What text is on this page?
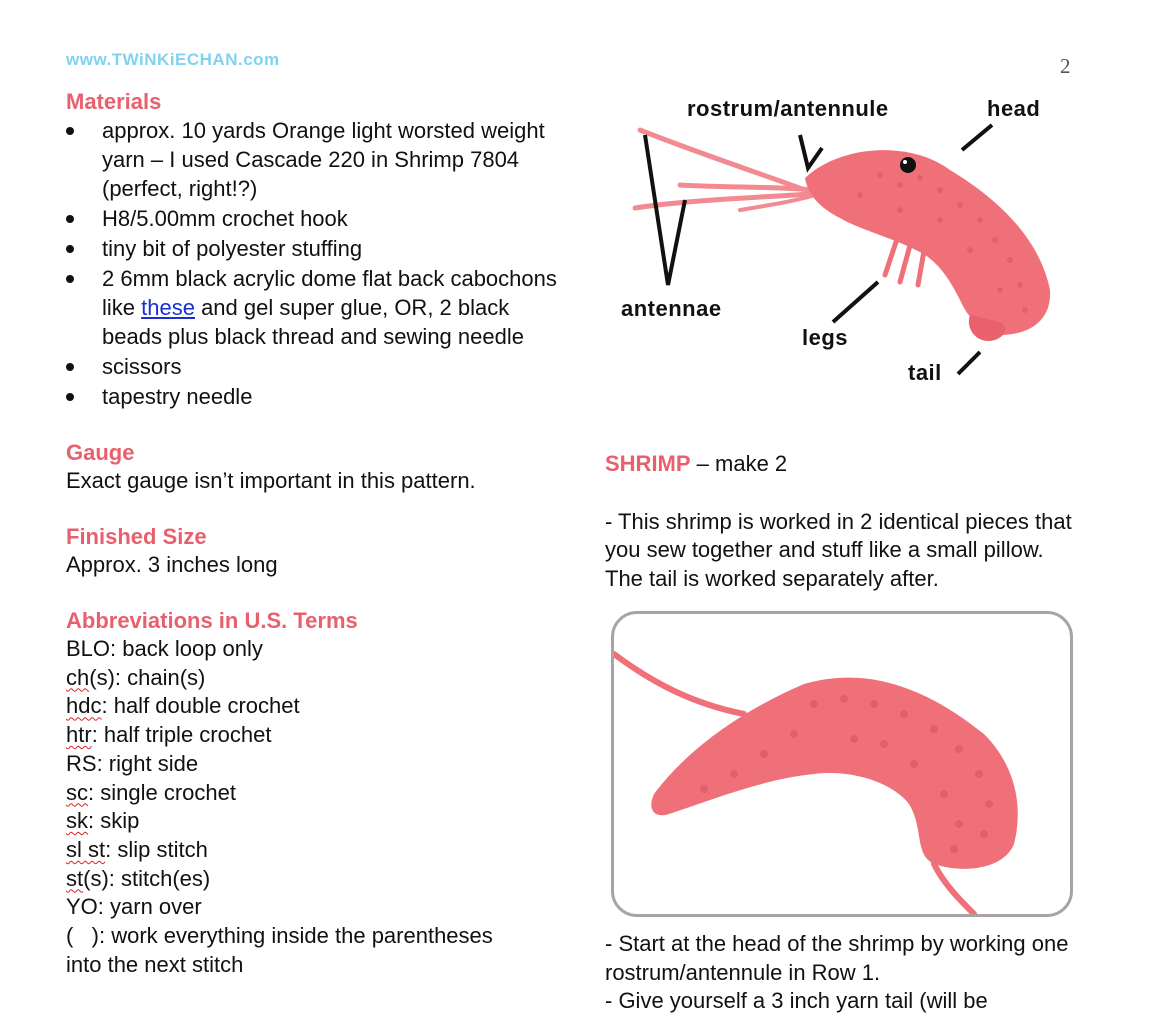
www.TWiNKiECHAN.com	2
Materials
approx. 10 yards Orange light worsted weight yarn – I used Cascade 220 in Shrimp 7804 (perfect, right!?)
H8/5.00mm crochet hook
tiny bit of polyester stuffing
2 6mm black acrylic dome flat back cabochons like these and gel super glue, OR, 2 black beads plus black thread and sewing needle
scissors
tapestry needle
Gauge
Exact gauge isn’t important in this pattern.
Finished Size
Approx. 3 inches long
Abbreviations in U.S. Terms
BLO: back loop only
ch(s): chain(s)
hdc: half double crochet
htr: half triple crochet
RS: right side
sc: single crochet
sk: skip
sl st: slip stitch
st(s): stitch(es)
YO: yarn over
(   ): work everything inside the parentheses
into the next stitch
rostrum/antennule	head
antennae
legs
tail
SHRIMP – make 2
- This shrimp is worked in 2 identical pieces that you sew together and stuff like a small pillow. The tail is worked separately after.
- Start at the head of the shrimp by working one rostrum/antennule in Row 1.
- Give yourself a 3 inch yarn tail (will be
